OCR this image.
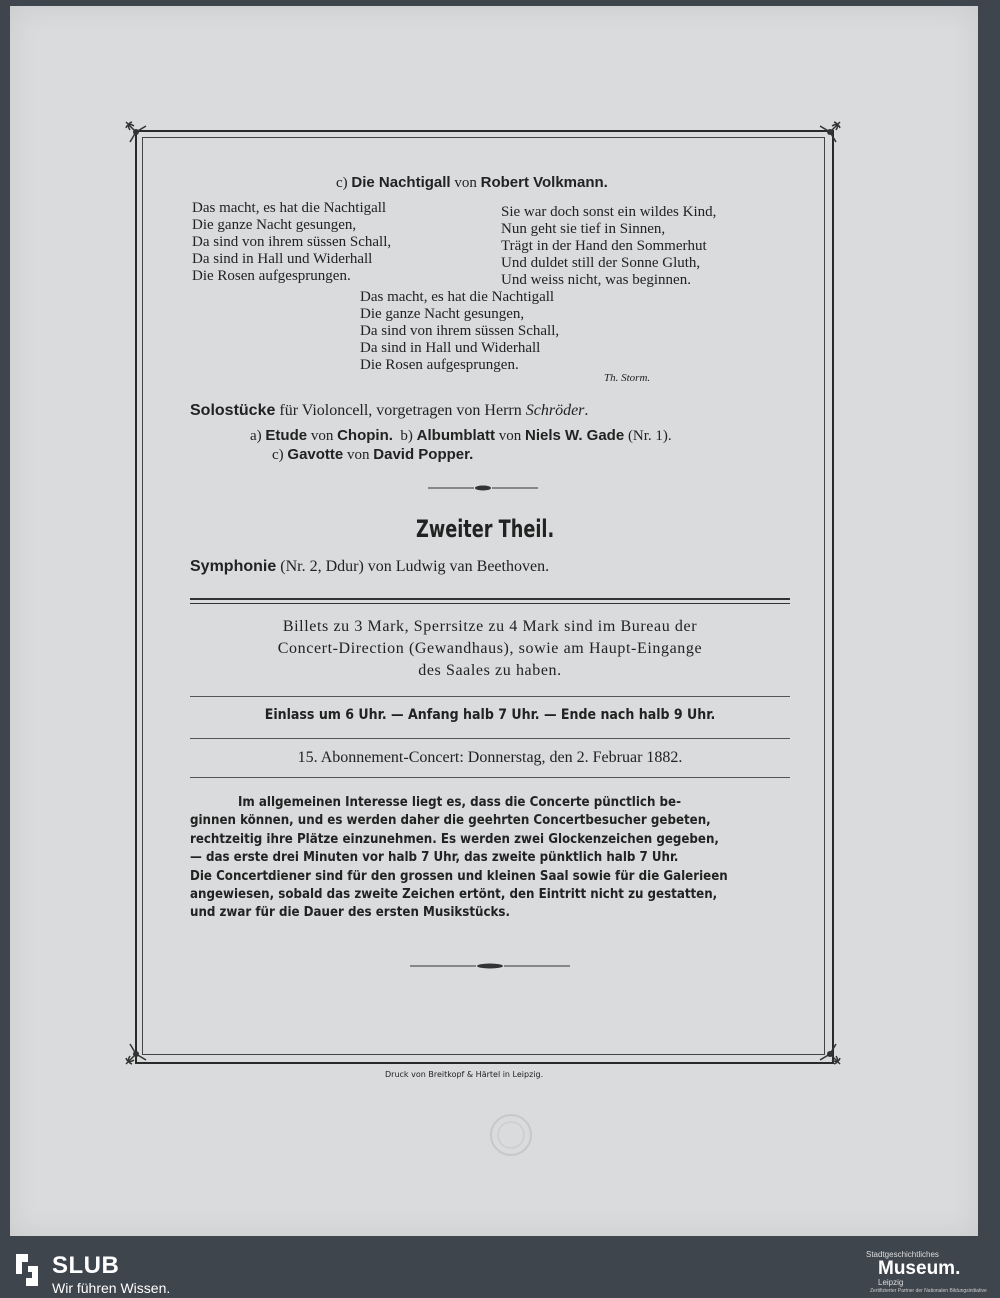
c) Die Nachtigall von Robert Volkmann.
Das macht, es hat die Nachtigall
Die ganze Nacht gesungen,
Da sind von ihrem süssen Schall,
Da sind in Hall und Widerhall
Die Rosen aufgesprungen.
Sie war doch sonst ein wildes Kind,
Nun geht sie tief in Sinnen,
Trägt in der Hand den Sommerhut
Und duldet still der Sonne Gluth,
Und weiss nicht, was beginnen.
Das macht, es hat die Nachtigall
Die ganze Nacht gesungen,
Da sind von ihrem süssen Schall,
Da sind in Hall und Widerhall
Die Rosen aufgesprungen.
Th. Storm.
Solostücke für Violoncell, vorgetragen von Herrn Schröder.
a) Etude von Chopin. b) Albumblatt von Niels W. Gade (Nr. 1).
c) Gavotte von David Popper.
Zweiter Theil.
Symphonie (Nr. 2, Ddur) von Ludwig van Beethoven.
Billets zu 3 Mark, Sperrsitze zu 4 Mark sind im Bureau der
Concert-Direction (Gewandhaus), sowie am Haupt-Eingange
des Saales zu haben.
Einlass um 6 Uhr. — Anfang halb 7 Uhr. — Ende nach halb 9 Uhr.
15. Abonnement-Concert: Donnerstag, den 2. Februar 1882.
Im allgemeinen Interesse liegt es, dass die Concerte pünctlich be-
ginnen können, und es werden daher die geehrten Concertbesucher gebeten,
rechtzeitig ihre Plätze einzunehmen. Es werden zwei Glockenzeichen gegeben,
— das erste drei Minuten vor halb 7 Uhr, das zweite pünktlich halb 7 Uhr.
Die Concertdiener sind für den grossen und kleinen Saal sowie für die Galerieen
angewiesen, sobald das zweite Zeichen ertönt, den Eintritt nicht zu gestatten,
und zwar für die Dauer des ersten Musikstücks.
Druck von Breitkopf & Härtel in Leipzig.
SLUB
Wir führen Wissen.
Stadtgeschichtliches
Museum.
Leipzig
Zertifizierter Partner der Nationalen Bildungsinitiative
